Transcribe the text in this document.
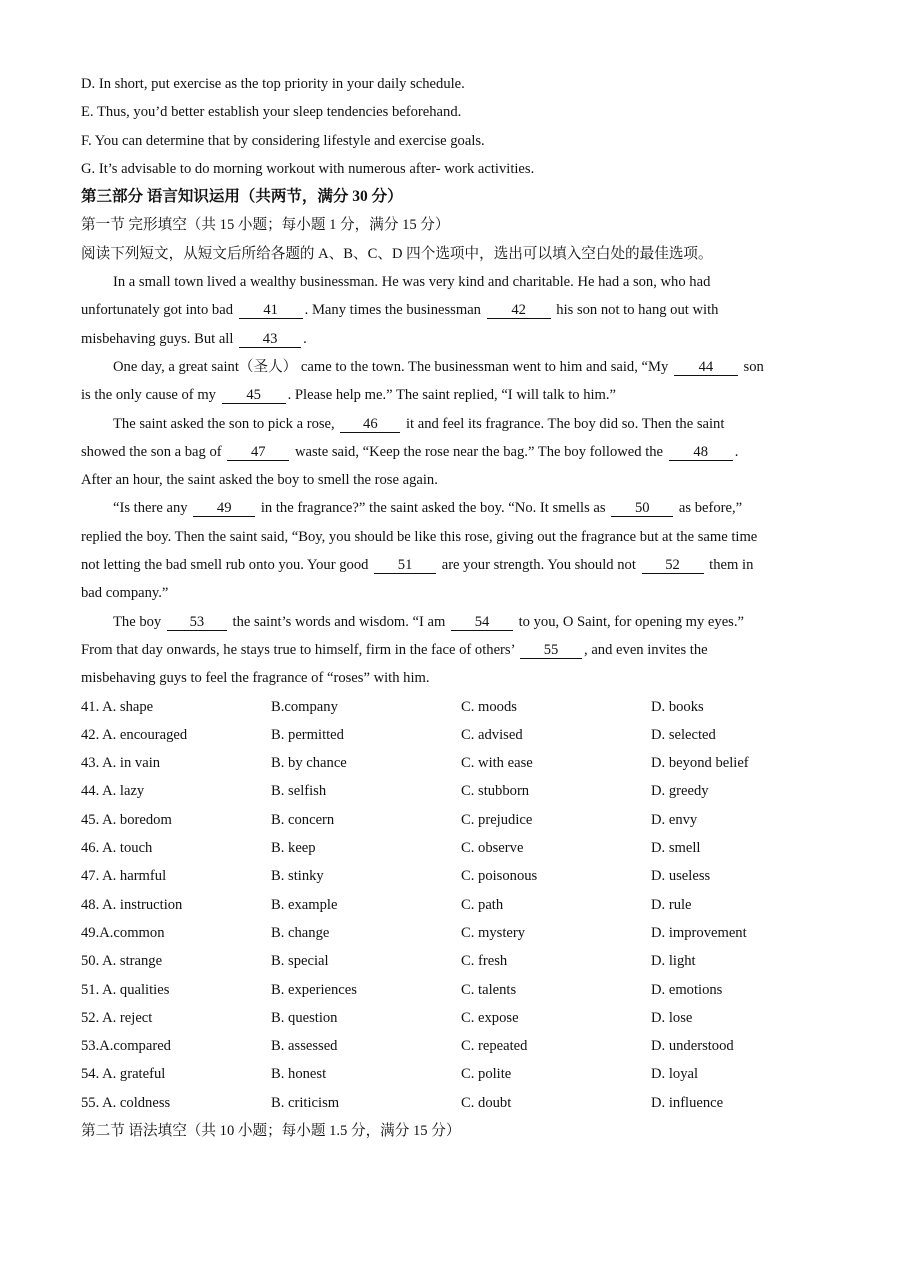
D. In short, put exercise as the top priority in your daily schedule.
E. Thus, you’d better establish your sleep tendencies beforehand.
F. You can determine that by considering lifestyle and exercise goals.
G. It’s advisable to do morning workout with numerous after- work activities.
第三部分 语言知识运用（共两节，满分 30 分）
第一节 完形填空（共 15 小题；每小题 1 分，满分 15 分）
阅读下列短文，从短文后所给各题的 A、B、C、D 四个选项中，选出可以填入空白处的最佳选项。
In a small town lived a wealthy businessman. He was very kind and charitable. He had a son, who had
unfortunately got into bad 41 . Many times the businessman 42 his son not to hang out with
misbehaving guys. But all 43 .
One day, a great saint（圣人） came to the town. The businessman went to him and said, “My 44 son
is the only cause of my 45 . Please help me.” The saint replied, “I will talk to him.”
The saint asked the son to pick a rose, 46 it and feel its fragrance. The boy did so. Then the saint
showed the son a bag of 47 waste said, “Keep the rose near the bag.” The boy followed the 48 .
After an hour, the saint asked the boy to smell the rose again.
“Is there any 49 in the fragrance?” the saint asked the boy. “No. It smells as 50 as before,”
replied the boy. Then the saint said, “Boy, you should be like this rose, giving out the fragrance but at the same time
not letting the bad smell rub onto you. Your good 51 are your strength. You should not 52 them in
bad company.”
The boy 53 the saint’s words and wisdom. “I am 54 to you, O Saint, for opening my eyes.”
From that day onwards, he stays true to himself, firm in the face of others’ 55 , and even invites the
misbehaving guys to feel the fragrance of “roses” with him.
41. A. shape	B.company	C. moods	D. books
42. A. encouraged	B. permitted	C. advised	D. selected
43. A. in vain	B. by chance	C. with ease	D. beyond belief
44. A. lazy	B. selfish	C. stubborn	D. greedy
45. A. boredom	B. concern	C. prejudice	D. envy
46. A. touch	B. keep	C. observe	D. smell
47. A. harmful	B. stinky	C. poisonous	D. useless
48. A. instruction	B. example	C. path	D. rule
49.A.common	B. change	C. mystery	D. improvement
50. A. strange	B. special	C. fresh	D. light
51. A. qualities	B. experiences	C. talents	D. emotions
52. A. reject	B. question	C. expose	D. lose
53.A.compared	B. assessed	C. repeated	D. understood
54. A. grateful	B. honest	C. polite	D. loyal
55. A. coldness	B. criticism	C. doubt	D. influence
第二节 语法填空（共 10 小题；每小题 1.5 分，满分 15 分）
